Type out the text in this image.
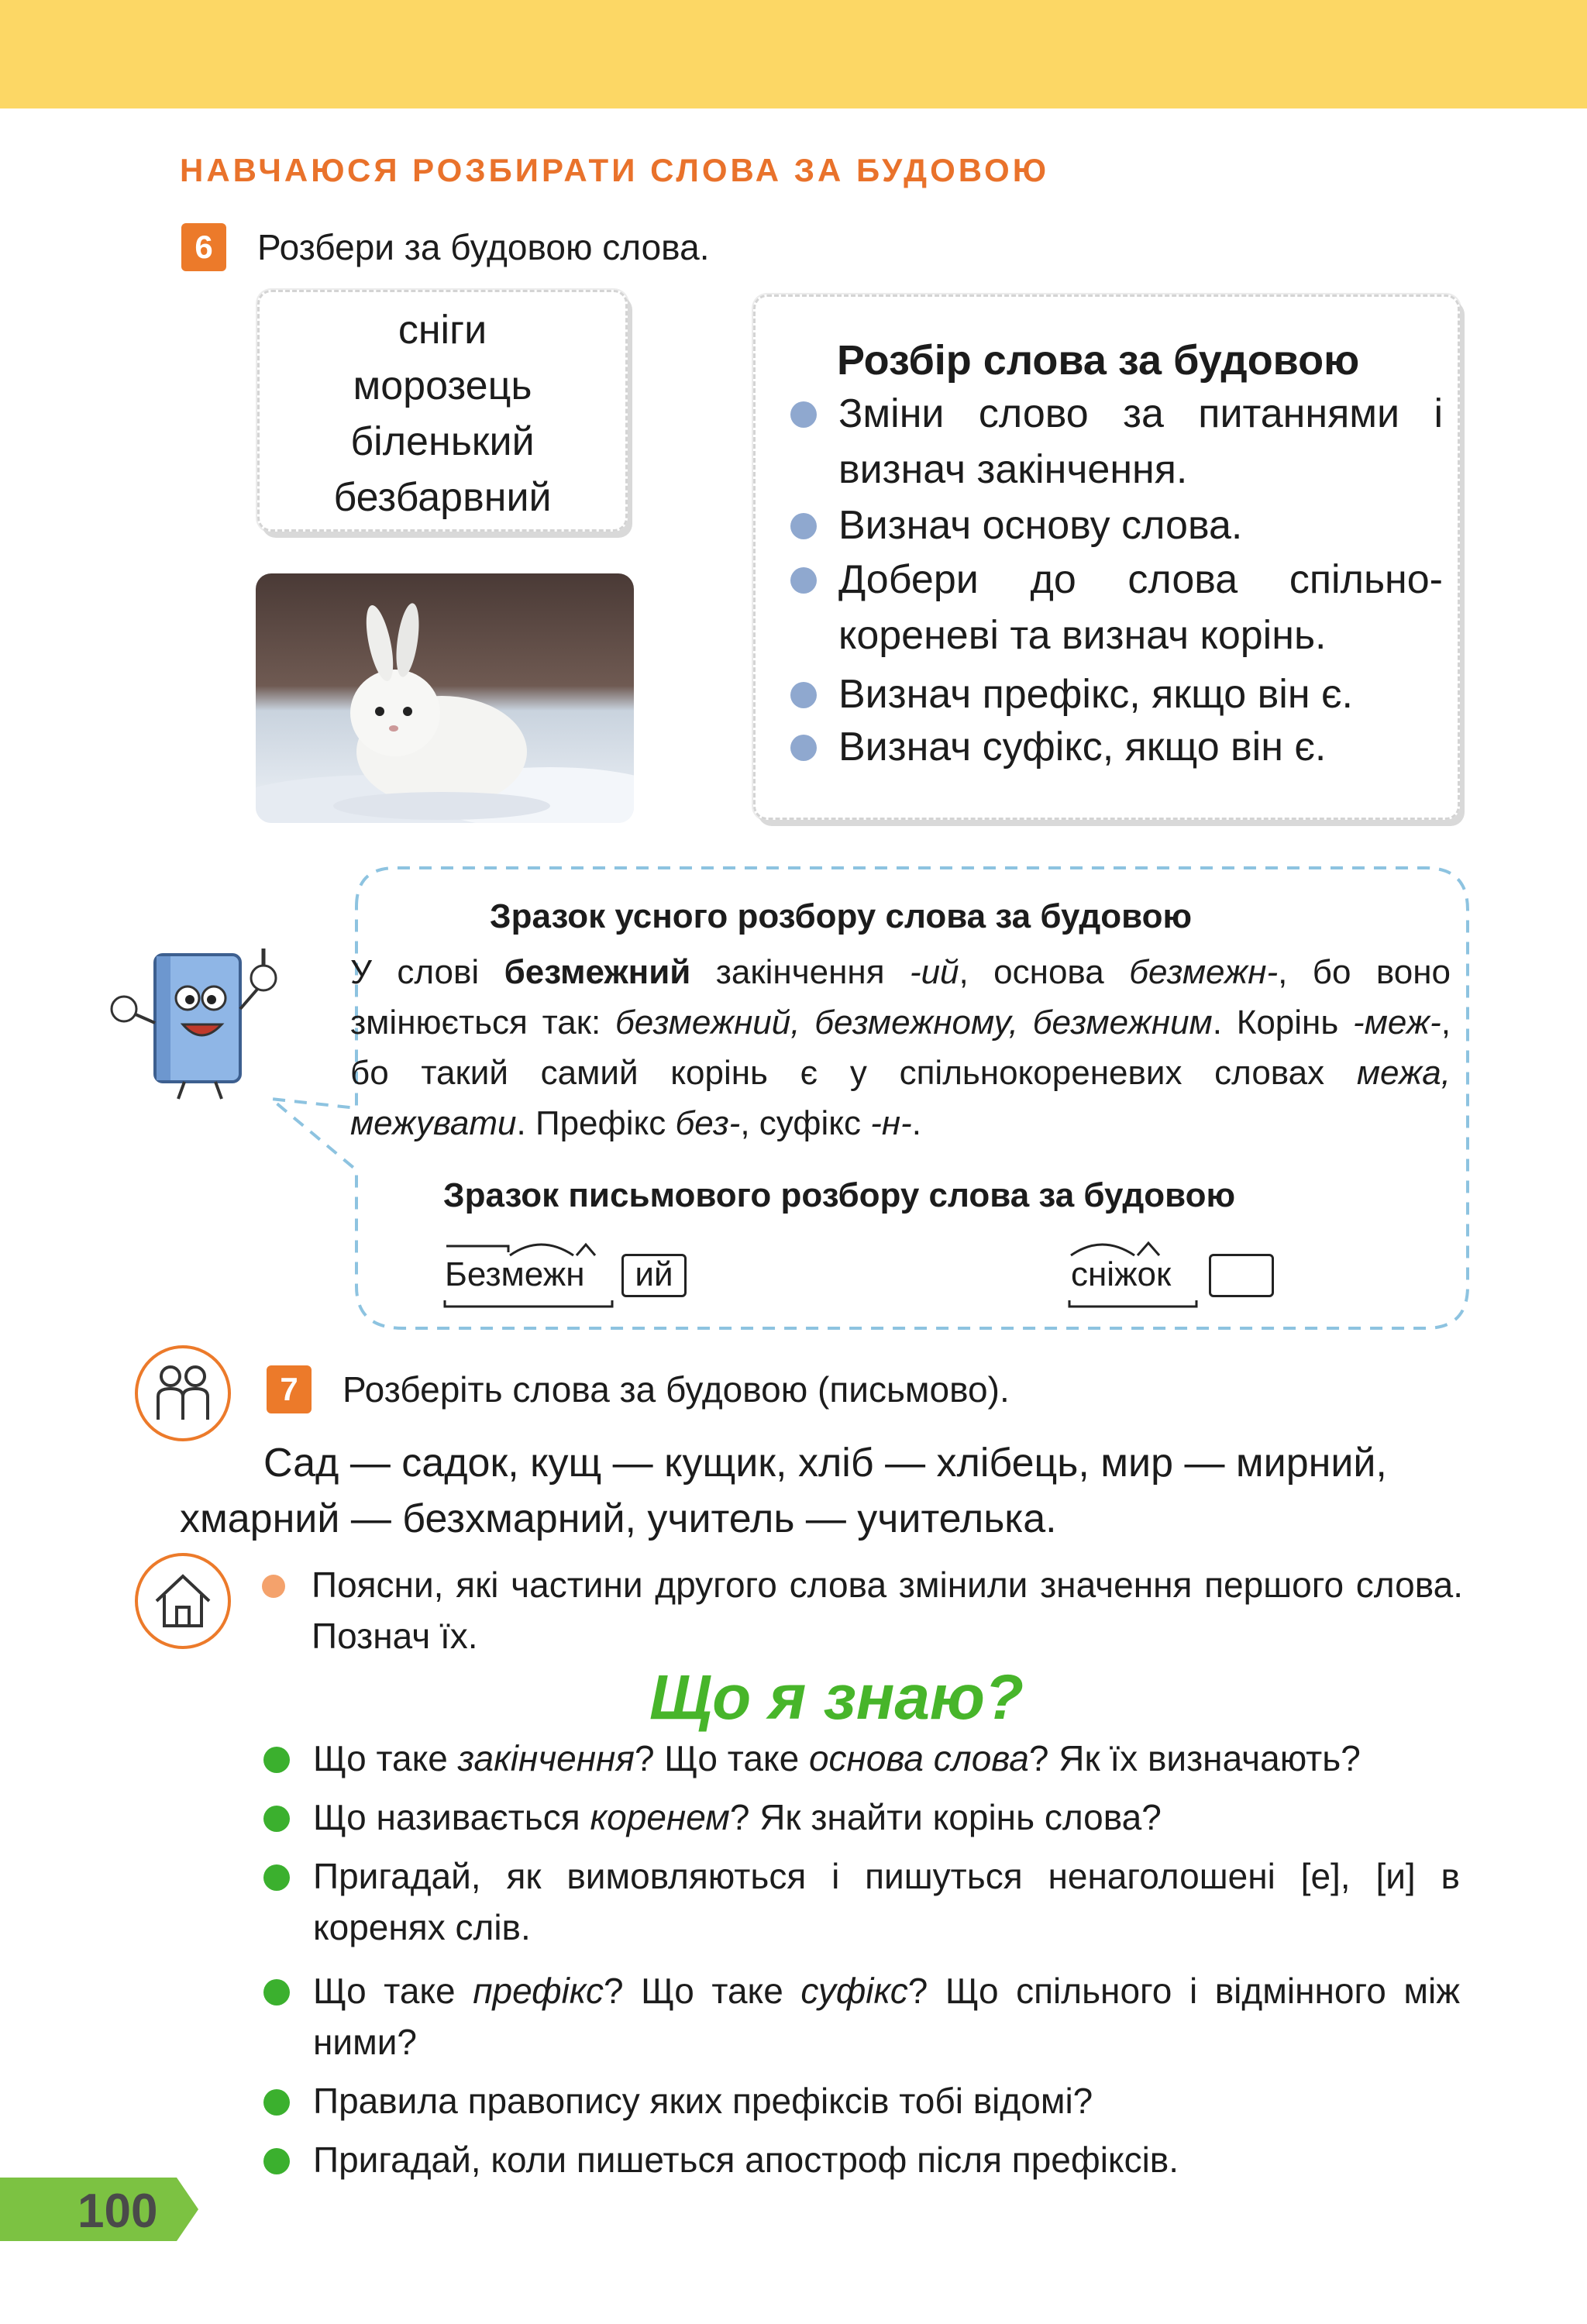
НАВЧАЮСЯ РОЗБИРАТИ СЛОВА ЗА БУДОВОЮ
6	Розбери за будовою слова.
сніги
морозець
біленький
безбарвний
Розбір слова за будовою
Зміни слово за питаннями і визнач закінчення.
Визнач основу слова.
Добери до слова спільно-кореневі та визнач корінь.
Визнач префікс, якщо він є.
Визнач суфікс, якщо він є.
Зразок усного розбору слова за будовою
У слові безмежний закінчення -ий, основа безмежн-, бо воно змінюється так: безмежний, безмежному, безмежним. Корінь -меж-, бо такий самий корінь є у спільнокореневих словах межа, межувати. Префікс без-, суфікс -н-.
Зразок письмового розбору слова за будовою
Безмежн	ий	сніжок
7	Розберіть слова за будовою (письмово).
Сад — садок, кущ — кущик, хліб — хлібець, мир — мирний,
хмарний — безхмарний, учитель — учителька.
Поясни, які частини другого слова змінили значення першого слова. Познач їх.
Що я знаю?
Що таке закінчення? Що таке основа слова? Як їх визначають?
Що називається коренем? Як знайти корінь слова?
Пригадай, як вимовляються і пишуться ненаголошені [е], [и] в коренях слів.
Що таке префікс? Що таке суфікс? Що спільного і відмінного між ними?
Правила правопису яких префіксів тобі відомі?
Пригадай, коли пишеться апостроф після префіксів.
100
